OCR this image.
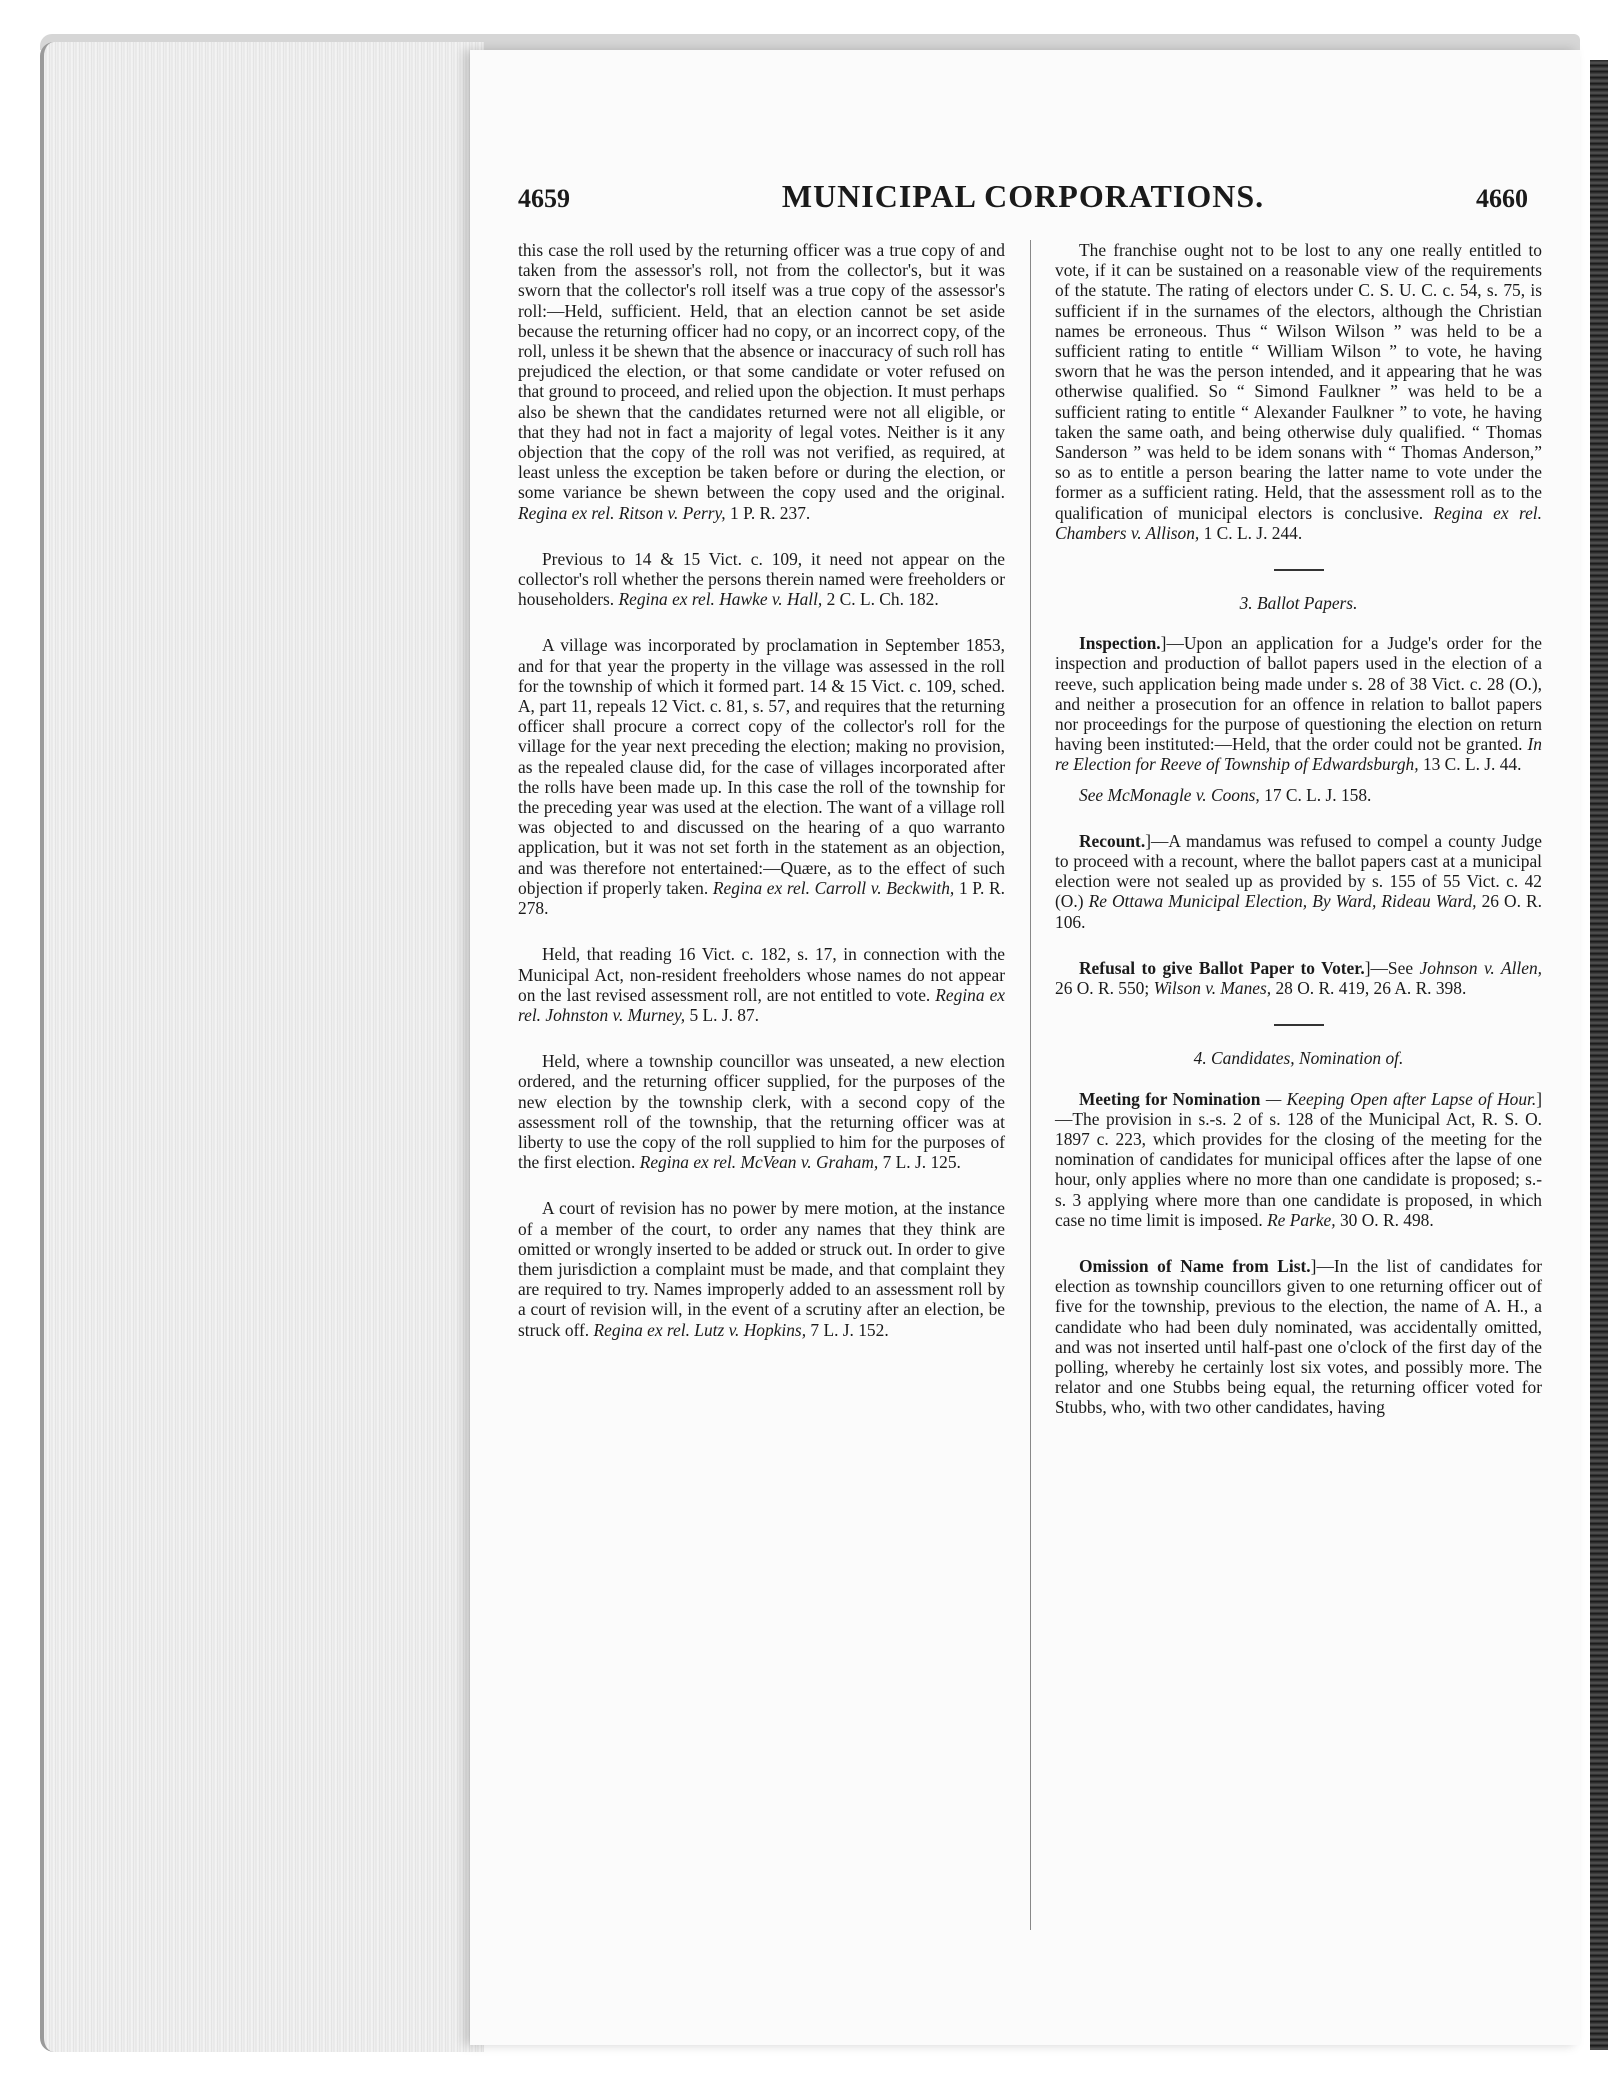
4659	MUNICIPAL CORPORATIONS.	4660

this case the roll used by the returning officer was a true copy of and taken from the assessor's roll, not from the collector's, but it was sworn that the collector's roll itself was a true copy of the assessor's roll:—Held, sufficient. Held, that an election cannot be set aside because the returning officer had no copy, or an incorrect copy, of the roll, unless it be shewn that the absence or inaccuracy of such roll has prejudiced the election, or that some candidate or voter refused on that ground to proceed, and relied upon the objection. It must perhaps also be shewn that the candidates returned were not all eligible, or that they had not in fact a majority of legal votes. Neither is it any objection that the copy of the roll was not verified, as required, at least unless the exception be taken before or during the election, or some variance be shewn between the copy used and the original. Regina ex rel. Ritson v. Perry, 1 P. R. 237.

Previous to 14 & 15 Vict. c. 109, it need not appear on the collector's roll whether the persons therein named were freeholders or householders. Regina ex rel. Hawke v. Hall, 2 C. L. Ch. 182.

A village was incorporated by proclamation in September 1853, and for that year the property in the village was assessed in the roll for the township of which it formed part. 14 & 15 Vict. c. 109, sched. A, part 11, repeals 12 Vict. c. 81, s. 57, and requires that the returning officer shall procure a correct copy of the collector's roll for the village for the year next preceding the election; making no provision, as the repealed clause did, for the case of villages incorporated after the rolls have been made up. In this case the roll of the township for the preceding year was used at the election. The want of a village roll was objected to and discussed on the hearing of a quo warranto application, but it was not set forth in the statement as an objection, and was therefore not entertained:—Quære, as to the effect of such objection if properly taken. Regina ex rel. Carroll v. Beckwith, 1 P. R. 278.

Held, that reading 16 Vict. c. 182, s. 17, in connection with the Municipal Act, non-resident freeholders whose names do not appear on the last revised assessment roll, are not entitled to vote. Regina ex rel. Johnston v. Murney, 5 L. J. 87.

Held, where a township councillor was unseated, a new election ordered, and the returning officer supplied, for the purposes of the new election by the township clerk, with a second copy of the assessment roll of the township, that the returning officer was at liberty to use the copy of the roll supplied to him for the purposes of the first election. Regina ex rel. McVean v. Graham, 7 L. J. 125.

A court of revision has no power by mere motion, at the instance of a member of the court, to order any names that they think are omitted or wrongly inserted to be added or struck out. In order to give them jurisdiction a complaint must be made, and that complaint they are required to try. Names improperly added to an assessment roll by a court of revision will, in the event of a scrutiny after an election, be struck off. Regina ex rel. Lutz v. Hopkins, 7 L. J. 152.

The franchise ought not to be lost to any one really entitled to vote, if it can be sustained on a reasonable view of the requirements of the statute. The rating of electors under C. S. U. C. c. 54, s. 75, is sufficient if in the surnames of the electors, although the Christian names be erroneous. Thus “ Wilson Wilson ” was held to be a sufficient rating to entitle “ William Wilson ” to vote, he having sworn that he was the person intended, and it appearing that he was otherwise qualified. So “ Simond Faulkner ” was held to be a sufficient rating to entitle “ Alexander Faulkner ” to vote, he having taken the same oath, and being otherwise duly qualified. “ Thomas Sanderson ” was held to be idem sonans with “ Thomas Anderson,” so as to entitle a person bearing the latter name to vote under the former as a sufficient rating. Held, that the assessment roll as to the qualification of municipal electors is conclusive. Regina ex rel. Chambers v. Allison, 1 C. L. J. 244.

3. Ballot Papers.

Inspection.]—Upon an application for a Judge's order for the inspection and production of ballot papers used in the election of a reeve, such application being made under s. 28 of 38 Vict. c. 28 (O.), and neither a prosecution for an offence in relation to ballot papers nor proceedings for the purpose of questioning the election on return having been instituted:—Held, that the order could not be granted. In re Election for Reeve of Township of Edwardsburgh, 13 C. L. J. 44.

See McMonagle v. Coons, 17 C. L. J. 158.

Recount.]—A mandamus was refused to compel a county Judge to proceed with a recount, where the ballot papers cast at a municipal election were not sealed up as provided by s. 155 of 55 Vict. c. 42 (O.) Re Ottawa Municipal Election, By Ward, Rideau Ward, 26 O. R. 106.

Refusal to give Ballot Paper to Voter.]—See Johnson v. Allen, 26 O. R. 550; Wilson v. Manes, 28 O. R. 419, 26 A. R. 398.

4. Candidates, Nomination of.

Meeting for Nomination — Keeping Open after Lapse of Hour.]—The provision in s.-s. 2 of s. 128 of the Municipal Act, R. S. O. 1897 c. 223, which provides for the closing of the meeting for the nomination of candidates for municipal offices after the lapse of one hour, only applies where no more than one candidate is proposed; s.-s. 3 applying where more than one candidate is proposed, in which case no time limit is imposed. Re Parke, 30 O. R. 498.

Omission of Name from List.]—In the list of candidates for election as township councillors given to one returning officer out of five for the township, previous to the election, the name of A. H., a candidate who had been duly nominated, was accidentally omitted, and was not inserted until half-past one o'clock of the first day of the polling, whereby he certainly lost six votes, and possibly more. The relator and one Stubbs being equal, the returning officer voted for Stubbs, who, with two other candidates, having
